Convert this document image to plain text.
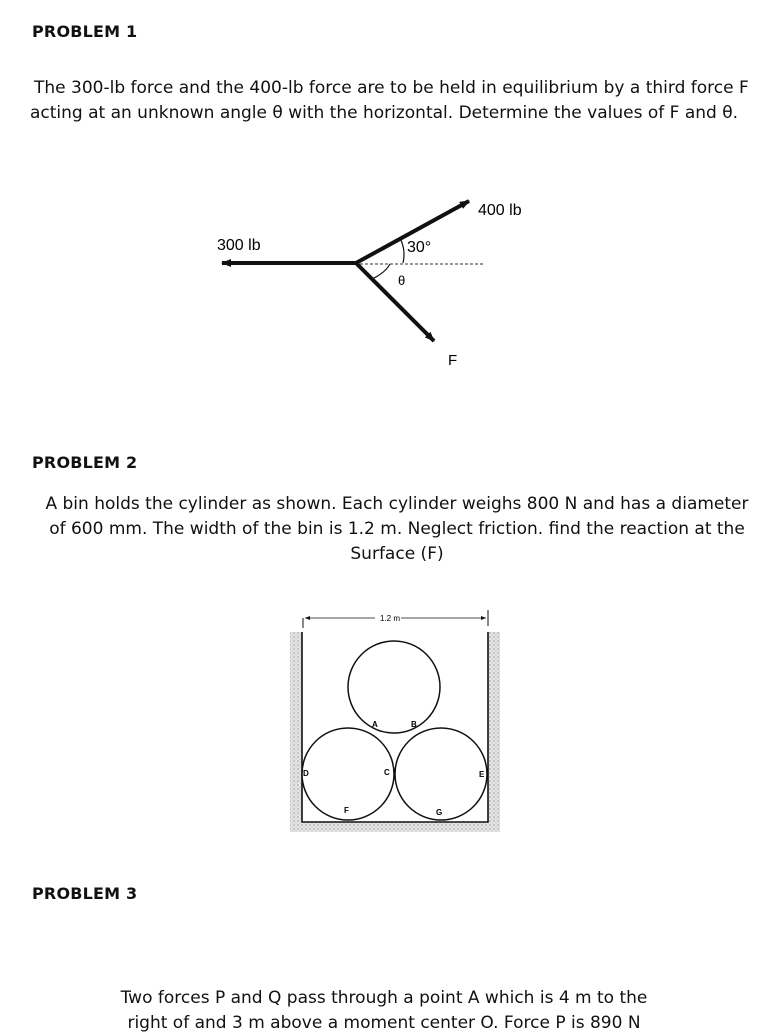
PROBLEM 1

The 300-lb force and the 400-lb force are to be held in equilibrium by a third force F
acting at an unknown angle θ with the horizontal. Determine the values of F and θ.

300 lb
400 lb
30°
θ
F
PROBLEM 2

A bin holds the cylinder as shown. Each cylinder weighs 800 N and has a diameter
of 600 mm. The width of the bin is 1.2 m. Neglect friction. find the reaction at the
Surface (F)

1.2 m
A	B
C
D	E
F	G
PROBLEM 3

Two forces P and Q pass through a point A which is 4 m to the
right of and 3 m above a moment center O. Force P is 890 N
